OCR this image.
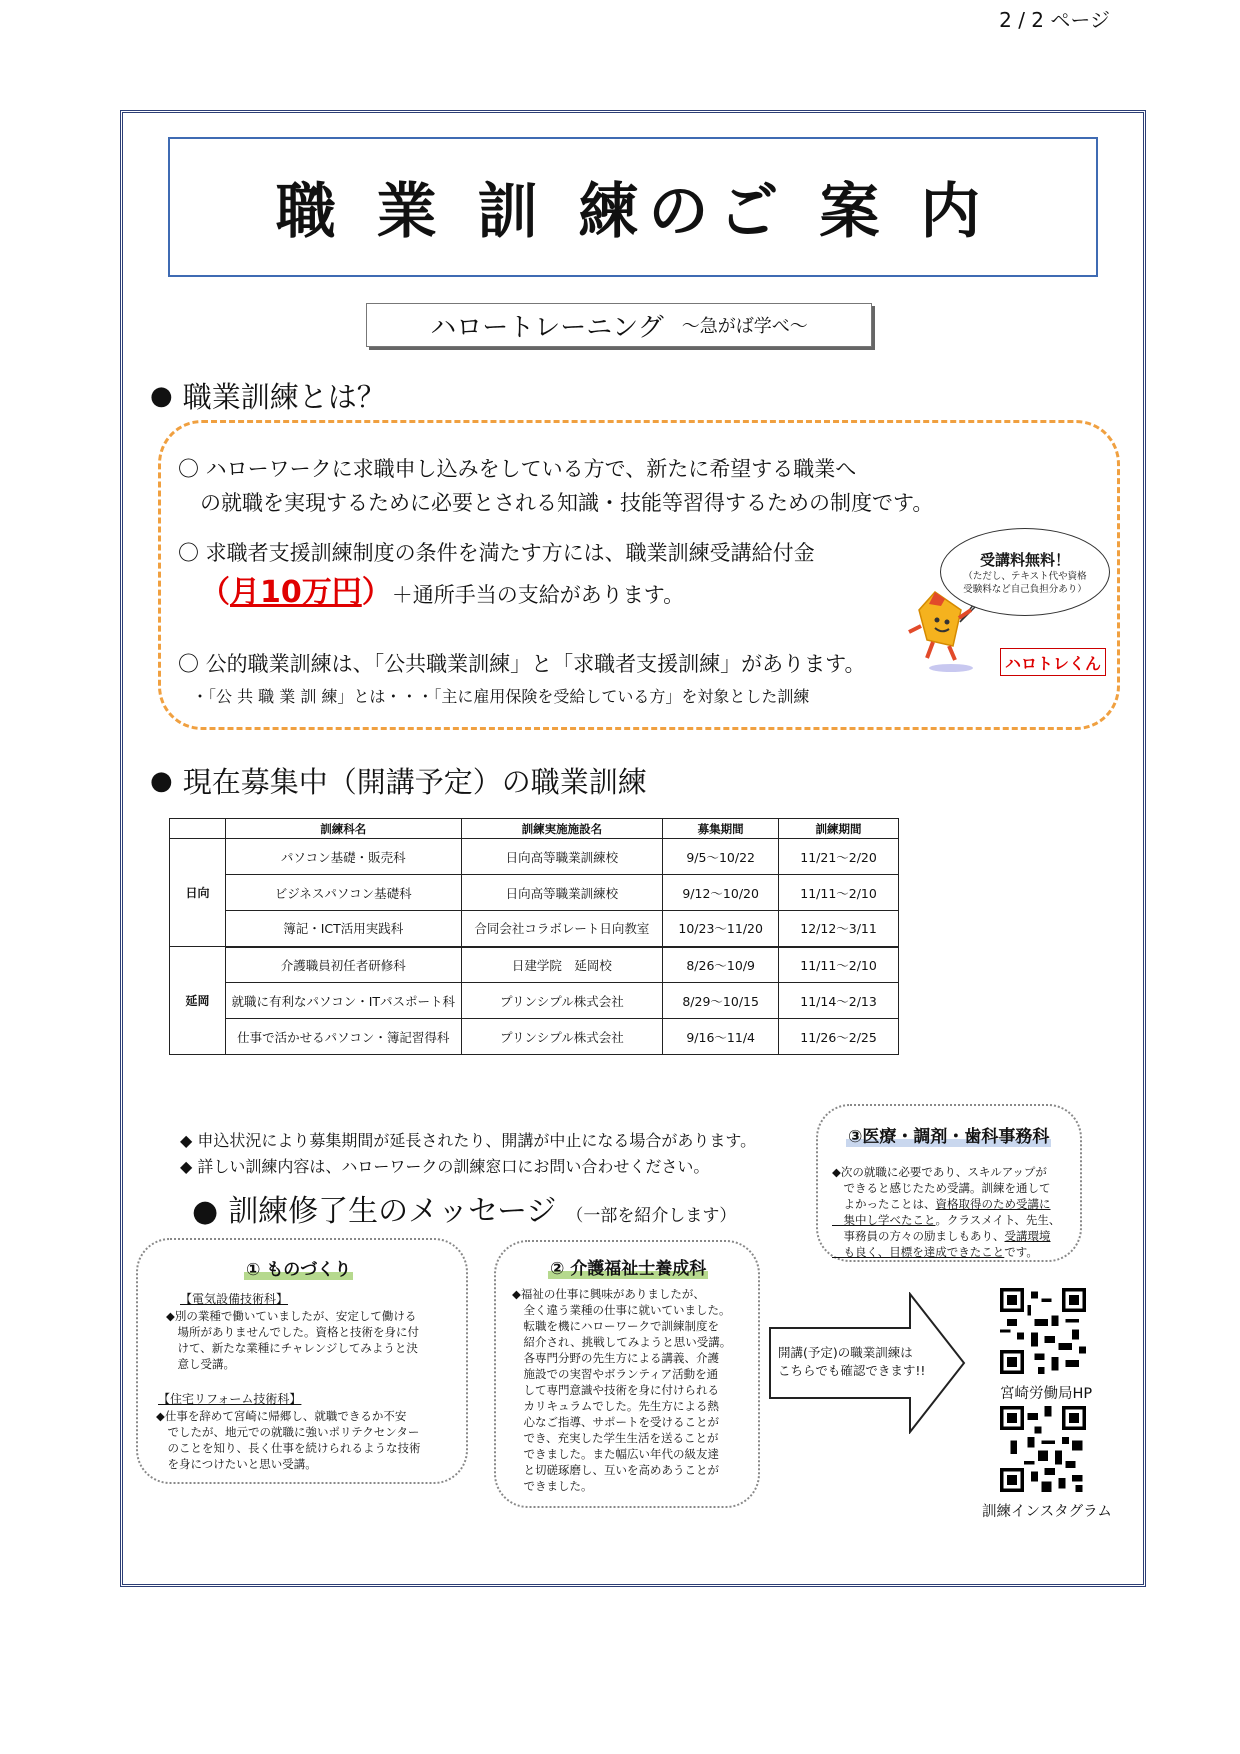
2 / 2 ページ
職 業 訓 練のご 案 内
ハロートレーニング ～急がば学べ～
● 職業訓練とは？
〇 ハローワークに求職申し込みをしている方で、新たに希望する職業へ
の就職を実現するために必要とされる知識・技能等習得するための制度です。
〇 求職者支援訓練制度の条件を満たす方には、職業訓練受講給付金
（月10万円）＋通所手当の支給があります。
〇 公的職業訓練は、「公共職業訓練」と「求職者支援訓練」があります。
・「公 共 職 業 訓 練」とは・・・「主に雇用保険を受給している方」を対象とした訓練
受講料無料！
（ただし、テキスト代や資格
受験料など自己負担分あり）
ハロトレくん
● 現在募集中（開講予定）の職業訓練
	訓練科名	訓練実施施設名	募集期間	訓練期間
日向	パソコン基礎・販売科	日向高等職業訓練校	9/5～10/22	11/21～2/20
	ビジネスパソコン基礎科	日向高等職業訓練校	9/12～10/20	11/11～2/10
	簿記・ICT活用実践科	合同会社コラボレート日向教室	10/23～11/20	12/12～3/11
延岡	介護職員初任者研修科	日建学院　延岡校	8/26～10/9	11/11～2/10
	就職に有利なパソコン・ITパスポート科	プリンシプル株式会社	8/29～10/15	11/14～2/13
	仕事で活かせるパソコン・簿記習得科	プリンシプル株式会社	9/16～11/4	11/26～2/25
◆ 申込状況により募集期間が延長されたり、開講が中止になる場合があります。
◆ 詳しい訓練内容は、ハローワークの訓練窓口にお問い合わせください。
● 訓練修了生のメッセージ （一部を紹介します）
① ものづくり
【電気設備技術科】
◆別の業種で働いていましたが、安定して働ける
　場所がありませんでした。資格と技術を身に付
　けて、新たな業種にチャレンジしてみようと決
　意し受講。
【住宅リフォーム技術科】
◆仕事を辞めて宮崎に帰郷し、就職できるか不安
　でしたが、地元での就職に強いポリテクセンター
　のことを知り、長く仕事を続けられるような技術
　を身につけたいと思い受講。
② 介護福祉士養成科
◆福祉の仕事に興味がありましたが、
　全く違う業種の仕事に就いていました。
　転職を機にハローワークで訓練制度を
　紹介され、挑戦してみようと思い受講。
　各専門分野の先生方による講義、介護
　施設での実習やボランティア活動を通
　して専門意識や技術を身に付けられる
　カリキュラムでした。先生方による熱
　心なご指導、サポートを受けることが
　でき、充実した学生生活を送ることが
　できました。また幅広い年代の級友達
　と切磋琢磨し、互いを高めあうことが
　できました。
③医療・調剤・歯科事務科
◆次の就職に必要であり、スキルアップが
　できると感じたため受講。訓練を通して
　よかったことは、資格取得のため受講に
　集中し学べたこと。クラスメイト、先生、
　事務員の方々の励ましもあり、受講環境
　も良く、目標を達成できたことです。
開講(予定)の職業訓練は
こちらでも確認できます!!
宮崎労働局HP
訓練インスタグラム
